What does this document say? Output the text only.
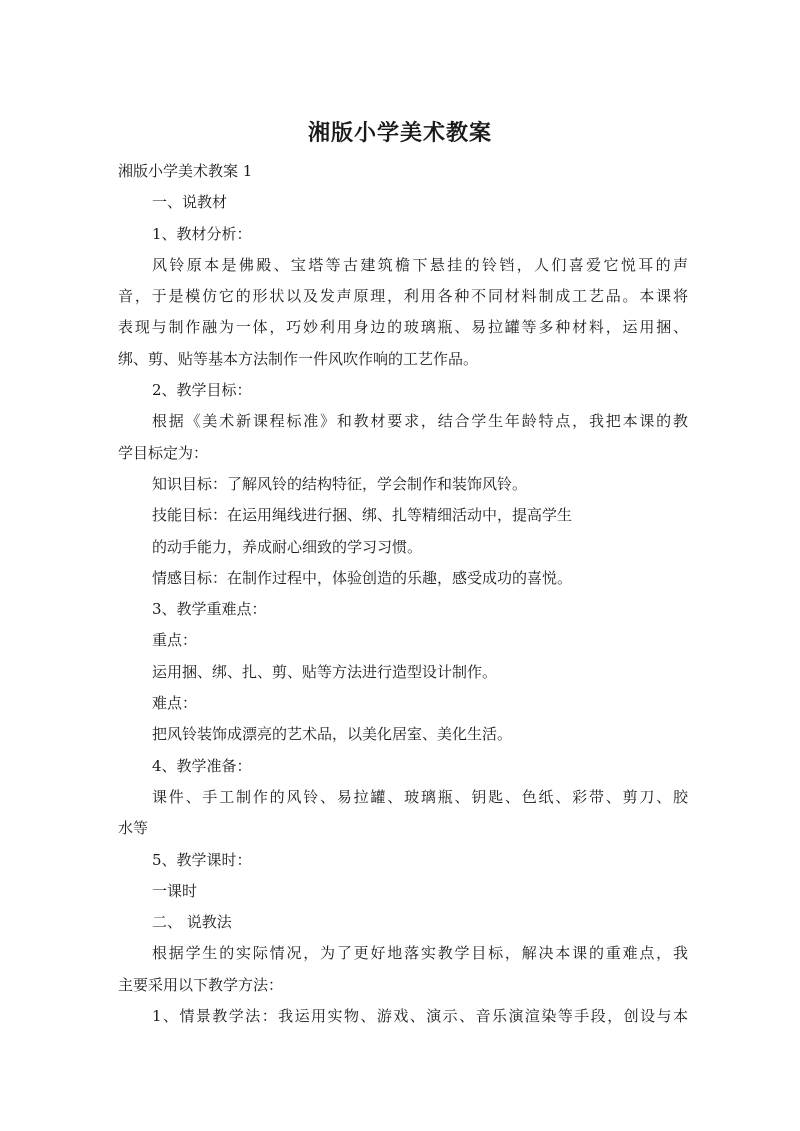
湘版小学美术教案
湘版小学美术教案 1
一、说教材
1、教材分析：
风铃原本是佛殿、宝塔等古建筑檐下悬挂的铃铛，人们喜爱它悦耳的声
音，于是模仿它的形状以及发声原理，利用各种不同材料制成工艺品。本课将
表现与制作融为一体，巧妙利用身边的玻璃瓶、易拉罐等多种材料，运用捆、
绑、剪、贴等基本方法制作一件风吹作响的工艺作品。
2、教学目标：
根据《美术新课程标准》和教材要求，结合学生年龄特点，我把本课的教
学目标定为：
知识目标：了解风铃的结构特征，学会制作和装饰风铃。
技能目标：在运用绳线进行捆、绑、扎等精细活动中，提高学生
的动手能力，养成耐心细致的学习习惯。
情感目标：在制作过程中，体验创造的乐趣，感受成功的喜悦。
3、教学重难点：
重点：
运用捆、绑、扎、剪、贴等方法进行造型设计制作。
难点：
把风铃装饰成漂亮的艺术品，以美化居室、美化生活。
4、教学准备：
课件、手工制作的风铃、易拉罐、玻璃瓶、钥匙、色纸、彩带、剪刀、胶
水等
5、教学课时：
一课时
二、 说教法
根据学生的实际情况，为了更好地落实教学目标，解决本课的重难点，我
主要采用以下教学方法：
1、情景教学法：我运用实物、游戏、演示、音乐演渲染等手段，创设与本
